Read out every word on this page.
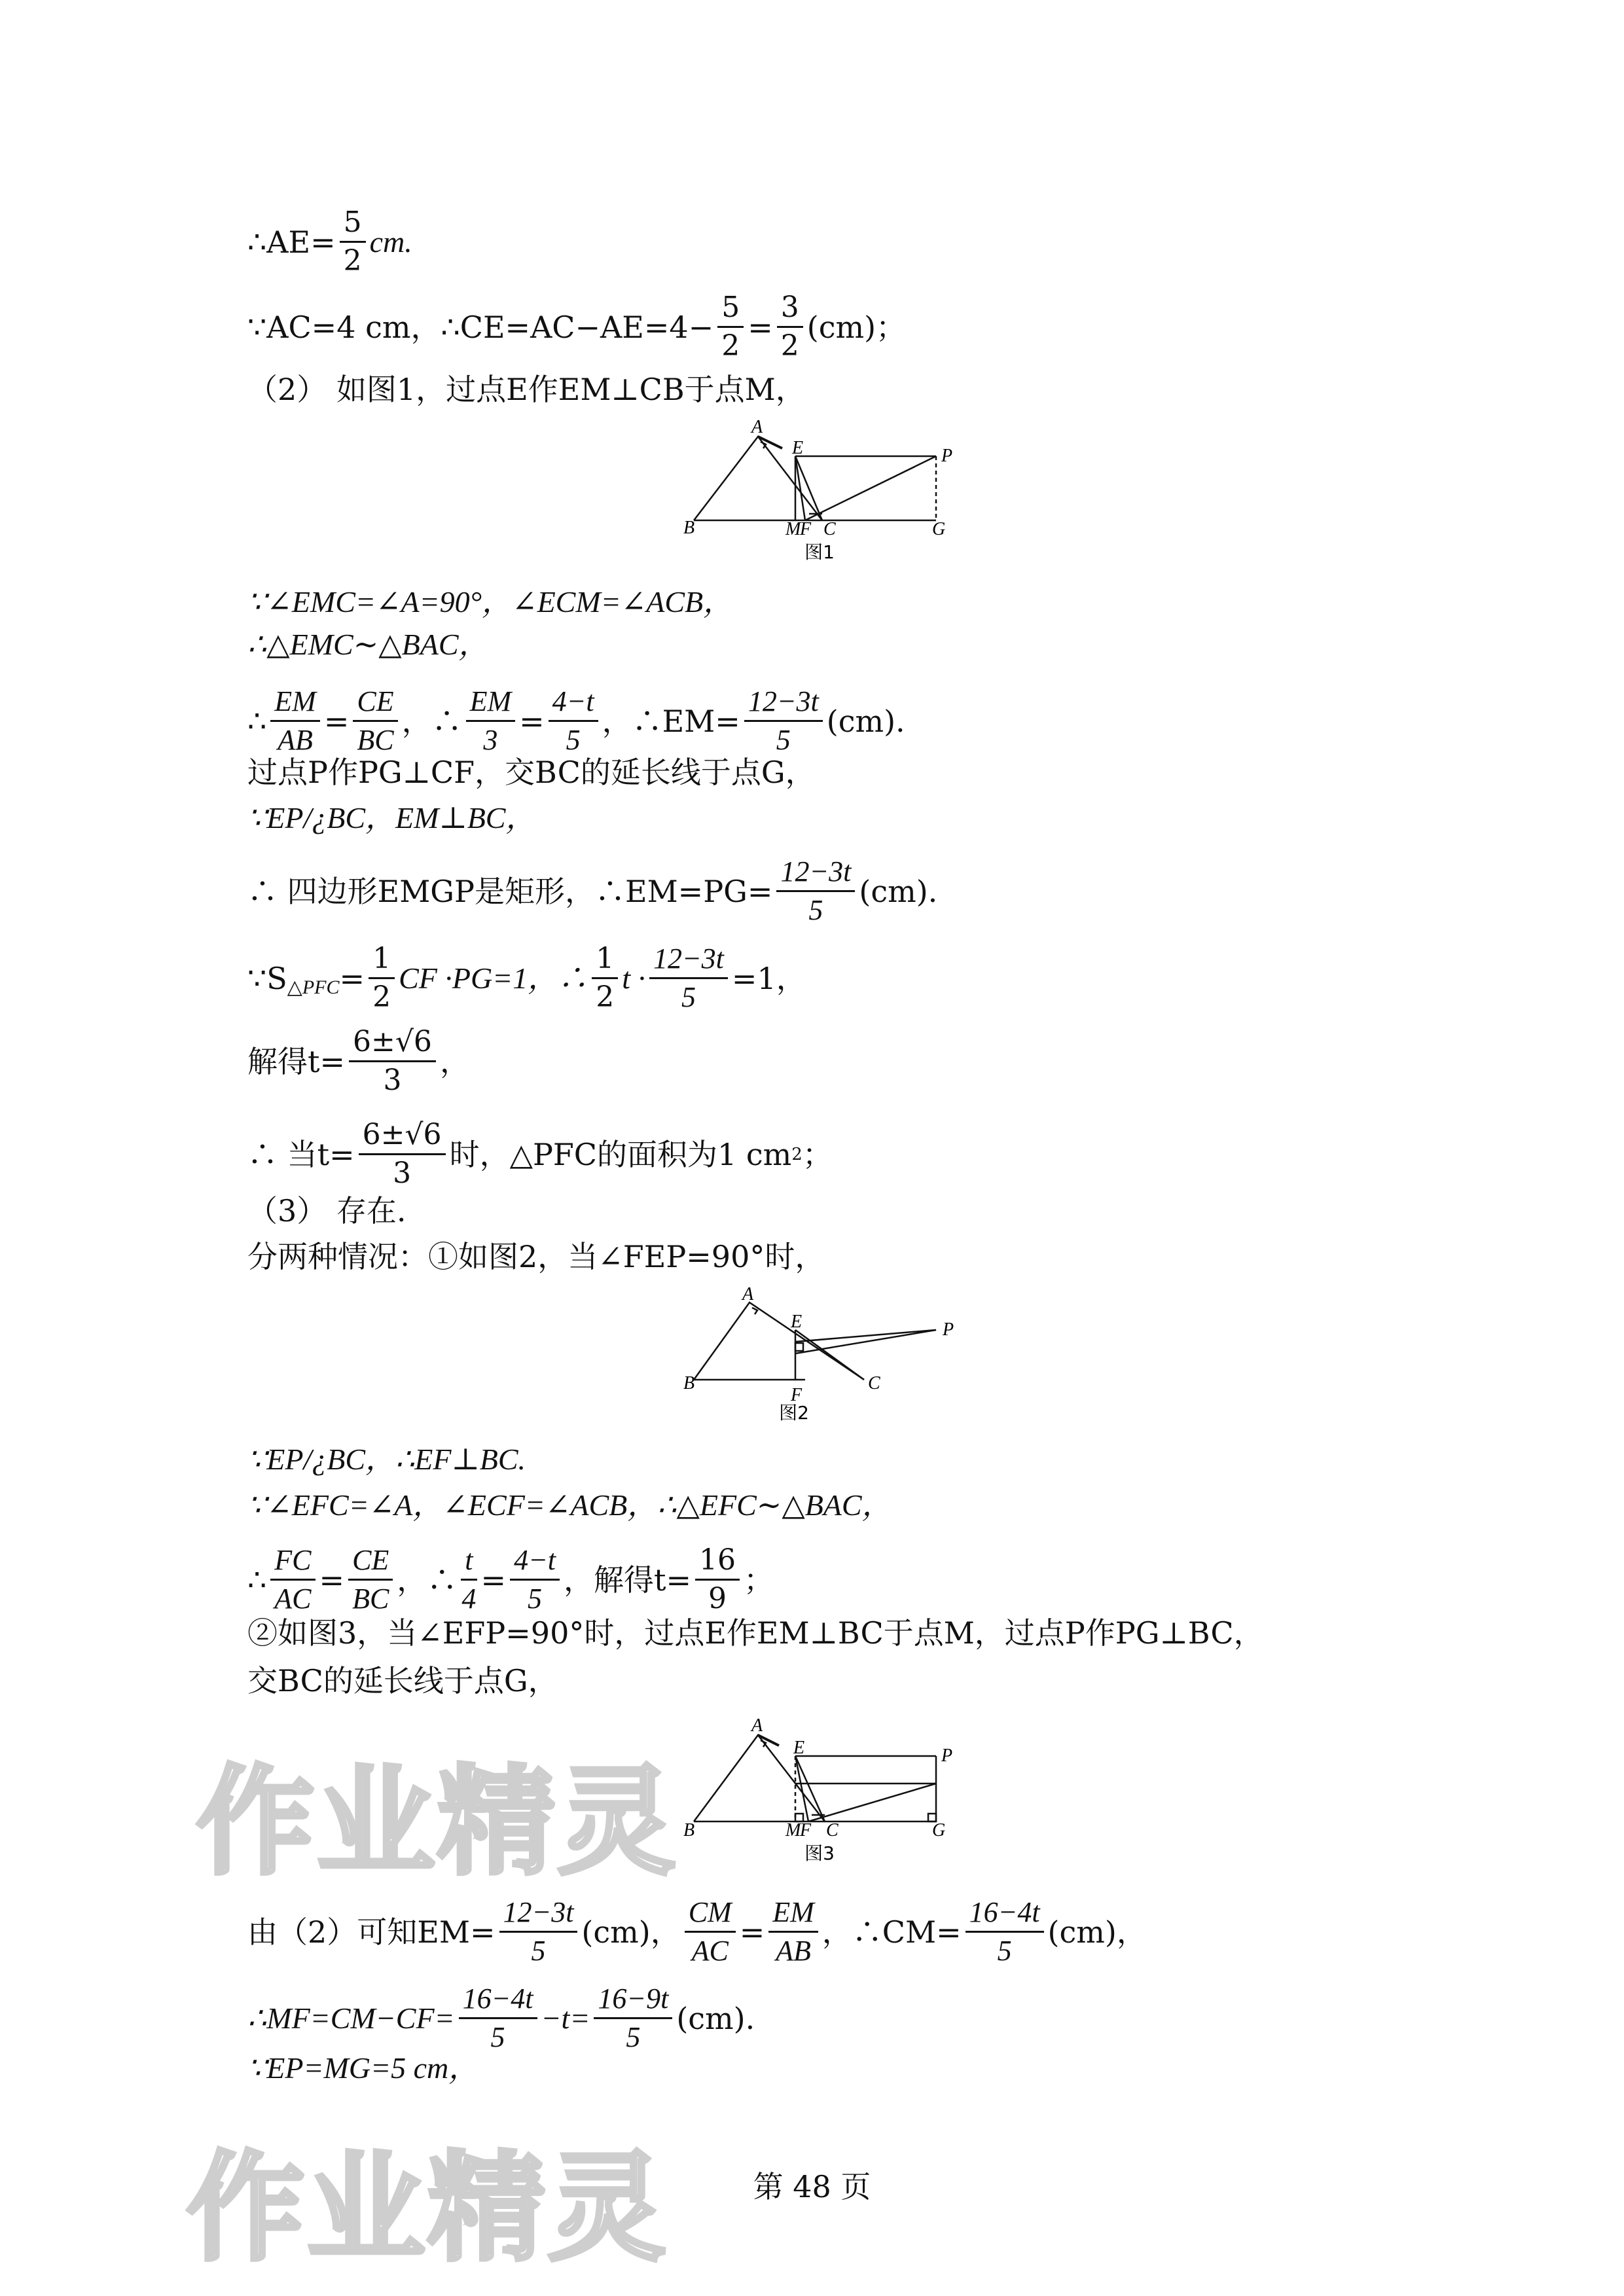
∴AE= $\frac{5}{2}$ cm.
∵AC=4 cm，∴CE=AC−AE=4− $\frac{5}{2} = \frac{3}{2} (cm)$；
（2） 如图1，过点E作EM⊥CB于点M，
A
E	P
B	M
F C	G
图1
∵∠EMC=∠A=90°，∠ECM=∠ACB，
∴△EMC∼△BAC，
∴ $\frac{EM}{AB} = \frac{CE}{BC}$ ，∴ $\frac{EM}{3} = \frac{4-t}{5}$ ，∴EM= $\frac{12-3t}{5} (cm)$.
过点P作PG⊥CF，交BC的延长线于点G，
∵EP/¿BC，EM⊥BC，
∴ 四边形EMGP是矩形，∴EM=PG= $\frac{12-3t}{5} (cm)$.
∵S △PFC = $\frac{1}{2}$ CF ·PG=1，∴ $\frac{1}{2}$ $t \cdot \frac{12-3t}{5} =1$，
解得$t= \frac{6\pm√6}{3}$ ，
∴ 当$t= \frac{6\pm√6}{3}$ 时，△PFC的面积为1 cm 2 ；
（3） 存在.
分两种情况：①如图2，当∠FEP=90°时，
A
E	P
B
F
C
图2
∵EP/¿BC，∴EF⊥BC.
∵∠EFC=∠A，∠ECF=∠ACB，∴△EFC∼△BAC，
∴ $\frac{FC}{AC} = \frac{CE}{BC}$ ，∴ $\frac{t}{4} = \frac{4-t}{5}$ ，解得$t= \frac{16}{9}$ ；
②如图3，当∠EFP=90°时，过点E作EM⊥BC于点M，过点P作PG⊥BC，
交BC的延长线于点G，
A
E	P
B	M
F C	G
图3
由（2）可知$EM= \frac{12-3t}{5} (cm)$， $\frac{CM}{AC} = \frac{EM}{AB}$ ，∴CM= $\frac{16-4t}{5} (cm)$，
∴MF=CM−CF= $\frac{16-4t}{5} -t= \frac{16-9t}{5} (cm)$.
∵EP=MG=5 cm，
作业精灵
作业精灵	第 48 页
